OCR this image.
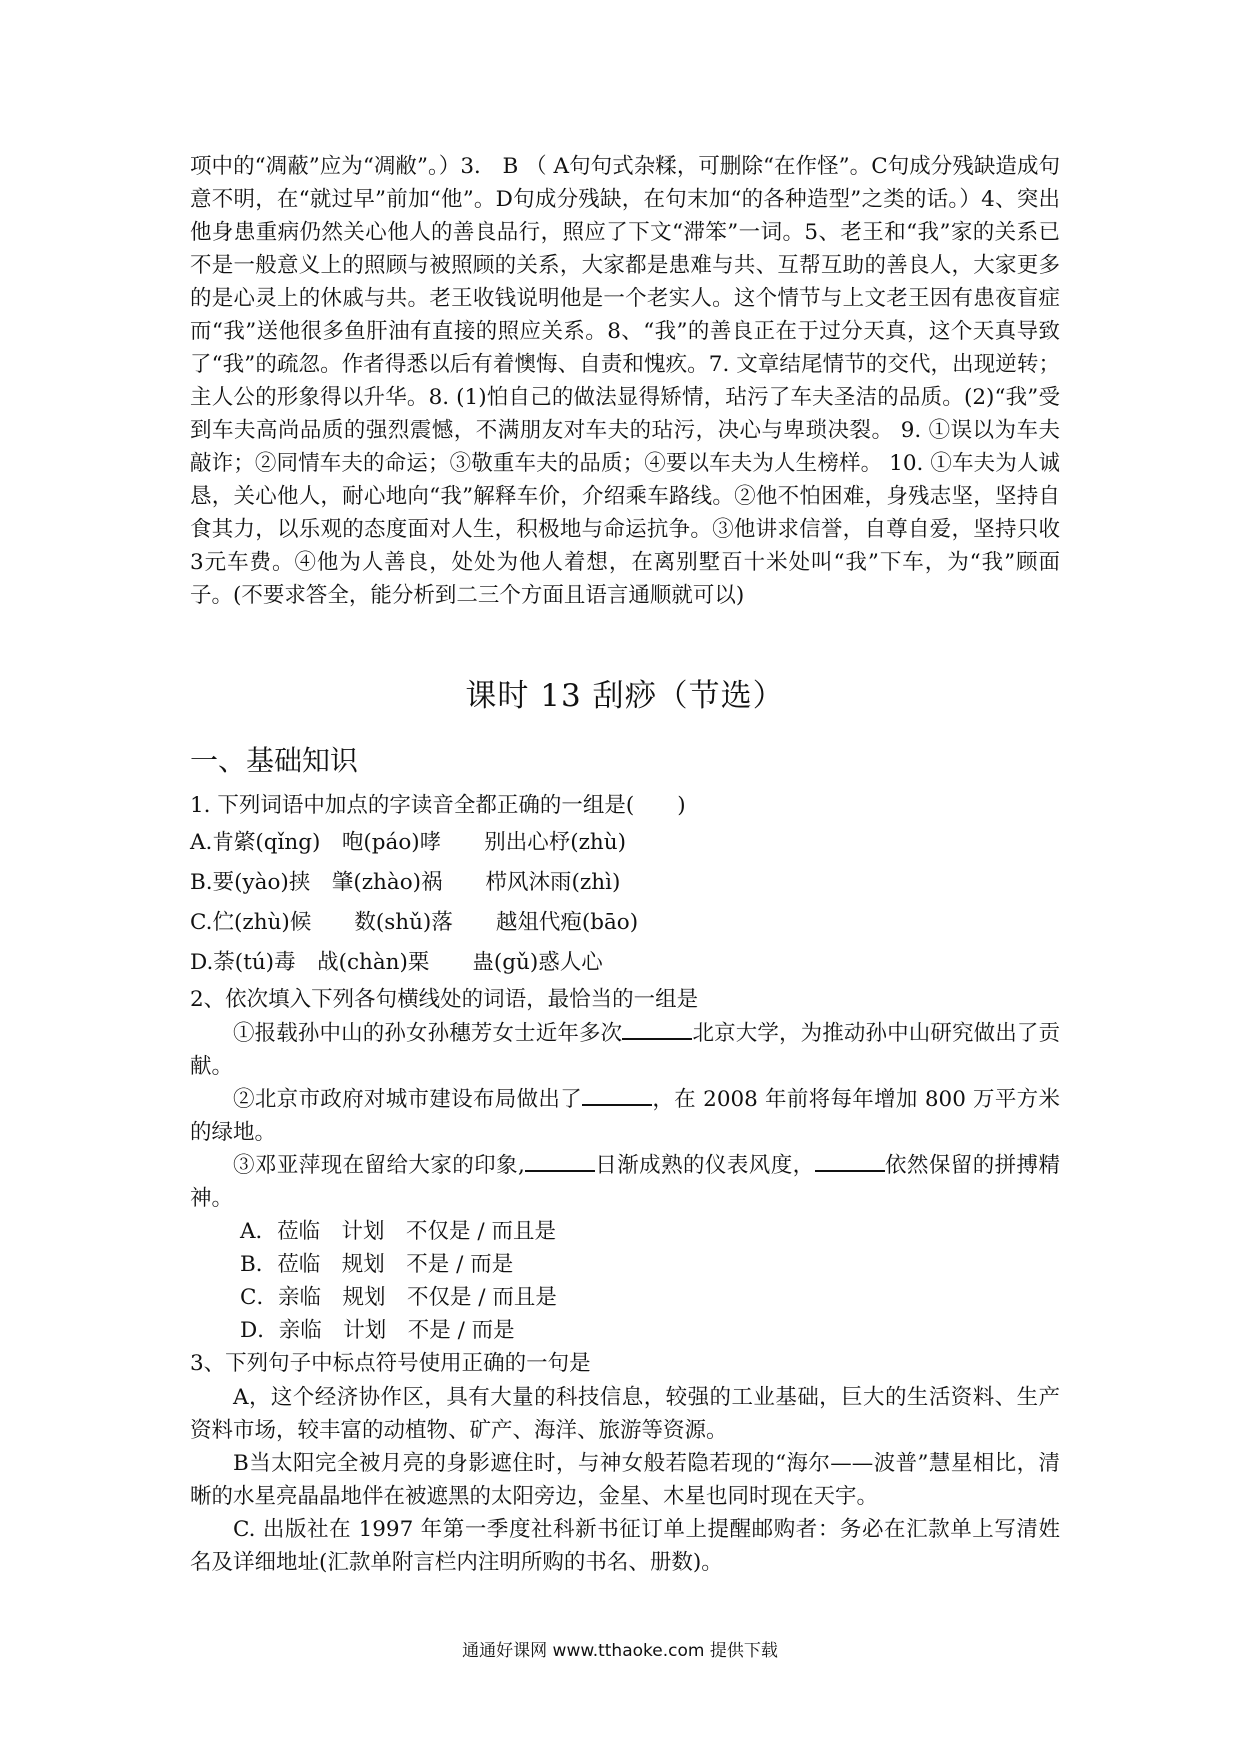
项中的“凋蔽”应为“凋敝”。）3． B （ A句句式杂糅，可删除“在作怪”。C句成分残缺造成句意不明，在“就过早”前加“他”。D句成分残缺，在句末加“的各种造型”之类的话。）4、突出他身患重病仍然关心他人的善良品行，照应了下文“滞笨”一词。5、老王和“我”家的关系已不是一般意义上的照顾与被照顾的关系，大家都是患难与共、互帮互助的善良人，大家更多的是心灵上的休戚与共。老王收钱说明他是一个老实人。这个情节与上文老王因有患夜盲症而“我”送他很多鱼肝油有直接的照应关系。8、“我”的善良正在于过分天真，这个天真导致了“我”的疏忽。作者得悉以后有着懊悔、自责和愧疚。7. 文章结尾情节的交代，出现逆转；主人公的形象得以升华。8. (1)怕自己的做法显得矫情，玷污了车夫圣洁的品质。(2)“我”受到车夫高尚品质的强烈震憾，不满朋友对车夫的玷污，决心与卑琐决裂。 9. ①误以为车夫敲诈；②同情车夫的命运；③敬重车夫的品质；④要以车夫为人生榜样。 10. ①车夫为人诚恳，关心他人，耐心地向“我”解释车价，介绍乘车路线。②他不怕困难，身残志坚，坚持自食其力，以乐观的态度面对人生，积极地与命运抗争。③他讲求信誉，自尊自爱，坚持只收3元车费。④他为人善良，处处为他人着想，在离别墅百十米处叫“我”下车，为“我”顾面子。(不要求答全，能分析到二三个方面且语言通顺就可以)

课时 13 刮痧（节选）
一、基础知识

1. 下列词语中加点的字读音全都正确的一组是(　　)

A.肯綮(qǐng)　咆(páo)哮　　别出心杼(zhù)

B.要(yào)挟　肇(zhào)祸　　栉风沐雨(zhì)

C.伫(zhù)候　　数(shǔ)落　　越俎代疱(bāo)

D.荼(tú)毒　战(chàn)栗　　蛊(gǔ)惑人心

2、依次填入下列各句横线处的词语，最恰当的一组是

①报载孙中山的孙女孙穗芳女士近年多次	北京大学，为推动孙中山研究做出了贡献。

②北京市政府对城市建设布局做出了	，在 2008 年前将每年增加 800 万平方米的绿地。

③邓亚萍现在留给大家的印象,	日渐成熟的仪表风度，	依然保留的拼搏精神。

A．莅临　计划　不仅是 / 而且是

B．莅临　规划　不是 / 而是

C．亲临　规划　不仅是 / 而且是

D．亲临　计划　不是 / 而是

3、下列句子中标点符号使用正确的一句是

A，这个经济协作区，具有大量的科技信息，较强的工业基础，巨大的生活资料、生产资料市场，较丰富的动植物、矿产、海洋、旅游等资源。

B当太阳完全被月亮的身影遮住时，与神女般若隐若现的“海尔——波普”慧星相比，清晰的水星亮晶晶地伴在被遮黑的太阳旁边，金星、木星也同时现在天宇。

C. 出版社在 1997 年第一季度社科新书征订单上提醒邮购者：务必在汇款单上写清姓名及详细地址(汇款单附言栏内注明所购的书名、册数)。

通通好课网 www.tthaoke.com 提供下载
